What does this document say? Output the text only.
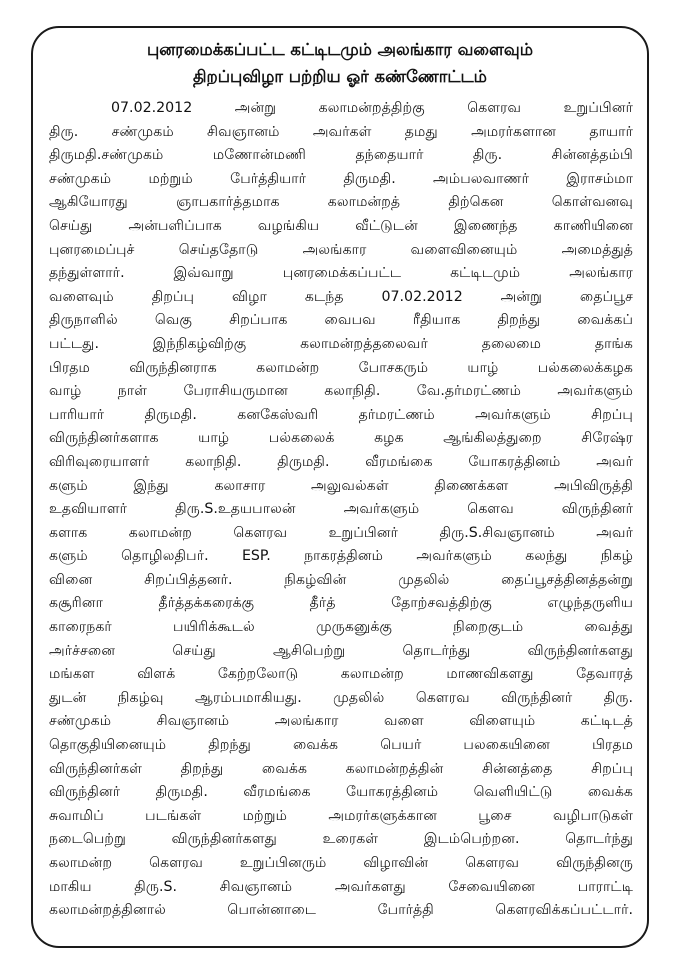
புனரமைக்கப்பட்ட கட்டிடமும் அலங்கார வளைவும்
திறப்புவிழா பற்றிய ஓர் கண்ணோட்டம்
07.02.2012 அன்று கலாமன்றத்திற்கு கௌரவ உறுப்பினர்
திரு. சண்முகம் சிவஞானம் அவர்கள் தமது அமரர்களான தாயார்
திருமதி.சண்முகம் மணோன்மணி தந்தையார் திரு. சின்னத்தம்பி
சண்முகம் மற்றும் பேர்த்தியார் திருமதி. அம்பலவாணர் இராசம்மா
ஆகியோரது ஞாபகார்த்தமாக கலாமன்றத் திற்கென கொள்வனவு
செய்து அன்பளிப்பாக வழங்கிய வீட்டுடன் இணைந்த காணியினை
புனரமைப்புச் செய்ததோடு அலங்கார வளைவினையும் அமைத்துத்
தந்துள்ளார். இவ்வாறு புனரமைக்கப்பட்ட கட்டிடமும் அலங்கார
வளைவும் திறப்பு விழா கடந்த 07.02.2012 அன்று தைப்பூச
திருநாளில் வெகு சிறப்பாக வைபவ ரீதியாக திறந்து வைக்கப்
பட்டது. இந்நிகழ்விற்கு கலாமன்றத்தலைவர் தலைமை தாங்க
பிரதம விருந்தினராக கலாமன்ற போசகரும் யாழ் பல்கலைக்கழக
வாழ் நாள் பேராசியருமான கலாநிதி. வே.தர்மரட்ணம் அவர்களும்
பாரியார் திருமதி. கனகேஸ்வரி தர்மரட்ணம் அவர்களும் சிறப்பு
விருந்தினர்களாக யாழ் பல்கலைக் கழக ஆங்கிலத்துறை சிரேஷ்ர
விரிவுரையாளர் கலாநிதி. திருமதி. வீரமங்கை யோகரத்தினம் அவர்
களும் இந்து கலாசார அலுவல்கள் திணைக்கள அபிவிருத்தி
உதவியாளர் திரு.S.உதயபாலன் அவர்களும் கௌவ விருந்தினர்
களாக கலாமன்ற கௌரவ உறுப்பினர் திரு.S.சிவஞானம் அவர்
களும் தொழிலதிபர். ESP. நாகரத்தினம் அவர்களும் கலந்து நிகழ்
வினை சிறப்பித்தனர். நிகழ்வின் முதலில் தைப்பூசத்தினத்தன்று
கசூரினா தீர்த்தக்கரைக்கு தீர்த் தோற்சவத்திற்கு எழுந்தருளிய
காரைநகர் பயிரிக்கூடல் முருகனுக்கு நிறைகுடம் வைத்து
அர்ச்சனை செய்து ஆசிபெற்று தொடர்ந்து விருந்தினர்களது
மங்கள விளக் கேற்றலோடு கலாமன்ற மாணவிகளது தேவாரத்
துடன் நிகழ்வு ஆரம்பமாகியது. முதலில் கௌரவ விருந்தினர் திரு.
சண்முகம் சிவஞானம் அலங்கார வளை விளையும் கட்டிடத்
தொகுதியினையும் திறந்து வைக்க பெயர் பலகையினை பிரதம
விருந்தினர்கள் திறந்து வைக்க கலாமன்றத்தின் சின்னத்தை சிறப்பு
விருந்தினர் திருமதி. வீரமங்கை யோகரத்தினம் வெளியிட்டு வைக்க
சுவாமிப் படங்கள் மற்றும் அமரர்களுக்கான பூசை வழிபாடுகள்
நடைபெற்று விருந்தினர்களது உரைகள் இடம்பெற்றன. தொடர்ந்து
கலாமன்ற கௌரவ உறுப்பினரும் விழாவின் கௌரவ விருந்தினரு
மாகிய திரு.S. சிவஞானம் அவர்களது சேவையினை பாராட்டி
கலாமன்றத்தினால் பொன்னாடை போர்த்தி கௌரவிக்கப்பட்டார்.
